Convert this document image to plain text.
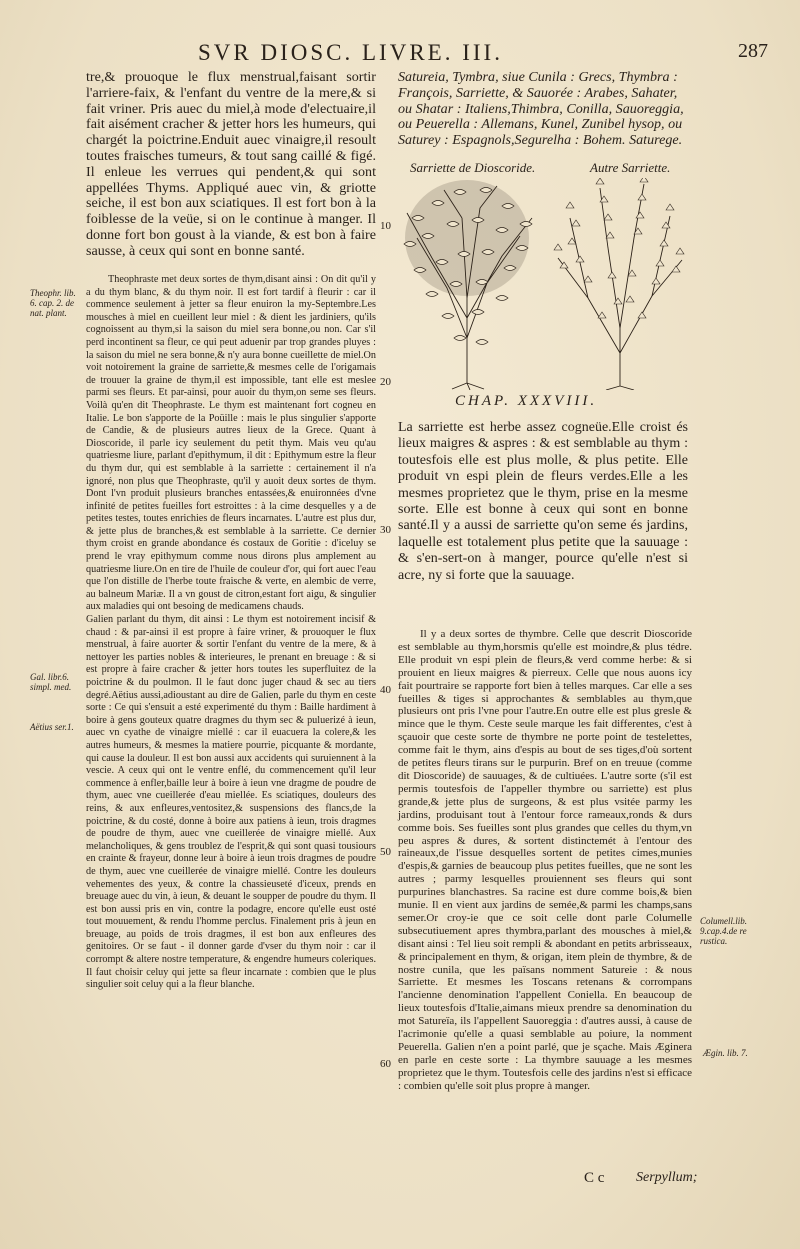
SVR DIOSC. LIVRE. III.	287

tre,& prouoque le flux menstrual,faisant sortir l'arriere-faix, & l'enfant du ventre de la mere,& si fait vriner. Pris auec du miel,à mode d'electuaire,il fait aisément cracher & jetter hors les humeurs, qui chargét la poictrine.Enduit auec vinaigre,il resoult toutes fraisches tumeurs, & tout sang caillé & figé. Il enleue les verrues qui pendent,& qui sont appellées Thyms. Appliqué auec vin, & griotte seiche, il est bon aux sciatiques. Il est fort bon à la foiblesse de la veüe, si on le continue à manger. Il donne fort bon goust à la viande, & est bon à faire sausse, à ceux qui sont en bonne santé.

Theophraste met deux sortes de thym,disant ainsi : On dit qu'il y a du thym blanc, & du thym noir. Il est fort tardif à fleurir : car il commence seulement à jetter sa fleur enuiron la my-Septembre.Les mousches à miel en cueillent leur miel : & dient les jardiniers, qu'ils cognoissent au thym,si la saison du miel sera bonne,ou non. Car s'il perd incontinent sa fleur, ce qui peut aduenir par trop grandes pluyes : la saison du miel ne sera bonne,& n'y aura bonne cueillette de miel.On voit notoirement la graine de sarriette,& mesmes celle de l'origamais de trouuer la graine de thym,il est impossible, tant elle est meslee parmi ses fleurs. Et par-ainsi, pour auoir du thym,on seme ses fleurs. Voilà qu'en dit Theophraste. Le thym est maintenant fort cogneu en Italie. Le bon s'apporte de la Poüille : mais le plus singulier s'apporte de Candie, & de plusieurs autres lieux de la Grece. Quant à Dioscoride, il parle icy seulement du petit thym. Mais veu qu'au quatriesme liure, parlant d'epithymum, il dit : Epithymum estre la fleur du thym dur, qui est semblable à la sarriette : certainement il n'a ignoré, non plus que Theophraste, qu'il y auoit deux sortes de thym. Dont l'vn produit plusieurs branches entassées,& enuironnées d'vne infinité de petites fueilles fort estroittes : à la cime desquelles y a de petites testes, toutes enrichies de fleurs incarnates. L'autre est plus dur, & jette plus de branches,& est semblable à la sarriette. Ce dernier thym croist en grande abondance és costaux de Goritie : d'iceluy se prend le vray epithymum comme nous dirons plus amplement au quatriesme liure.On en tire de l'huile de couleur d'or, qui fort auec l'eau que l'on distille de l'herbe toute fraische & verte, en alembic de verre, au balneum Mariæ. Il a vn goust de citron,estant fort aigu, & singulier aux maladies qui ont besoing de medicamens chauds.

Galien parlant du thym, dit ainsi : Le thym est notoirement incisif & chaud : & par-ainsi il est propre à faire vriner, & prouoquer le flux menstrual, à faire auorter & sortir l'enfant du ventre de la mere, & à nettoyer les parties nobles & interieures, le prenant en breuage : & si est propre à faire cracher & jetter hors toutes les superfluitez de la poictrine & du poulmon. Il le faut donc juger chaud & sec au tiers degré.Aëtius aussi,adioustant au dire de Galien, parle du thym en ceste sorte : Ce qui s'ensuit a esté experimenté du thym : Baille hardiment à boire à gens gouteux quatre dragmes du thym sec & puluerizé à ieun, auec vn cyathe de vinaigre miellé : car il euacuera la colere,& les autres humeurs, & mesmes la matiere pourrie, picquante & mordante, qui cause la douleur. Il est bon aussi aux accidents qui suruiennent à la vescie. A ceux qui ont le ventre enflé, du commencement qu'il leur commence à enfler,baille leur à boire à ieun vne dragme de poudre de thym, auec vne cueillerée d'eau miellée. Es sciatiques, douleurs des reins, & aux enfleures,ventositez,& suspensions des flancs,de la poictrine, & du costé, donne à boire aux patiens à ieun, trois dragmes de poudre de thym, auec vne cueillerée de vinaigre miellé. Aux melancholiques, & gens troublez de l'esprit,& qui sont quasi tousiours en crainte & frayeur, donne leur à boire à ieun trois dragmes de poudre de thym, auec vne cueillerée de vinaigre miellé. Contre les douleurs vehementes des yeux, & contre la chassieuseté d'iceux, prends en breuage auec du vin, à ieun, & deuant le soupper de poudre du thym. Il est bon aussi pris en vin, contre la podagre, encore qu'elle eust osté tout mouuement, & rendu l'homme perclus. Finalement pris à jeun en breuage, au poids de trois dragmes, il est bon aux enfleures des genitoires. Or se faut - il donner garde d'vser du thym noir : car il corrompt & altere nostre temperature, & engendre humeurs coleriques. Il faut choisir celuy qui jette sa fleur incarnate : combien que le plus singulier soit celuy qui a la fleur blanche.

Theophr. lib. 6. cap. 2. de nat. plant.
Gal. libr.6. simpl. med.
Aëtius ser.1.
Columell.lib. 9.cap.4.de re rustica.
Ægin. lib. 7.
10
20
30
40
50
60

Satureia, Tymbra, siue Cunila : Grecs, Thymbra : François, Sarriette, & Sauorée : Arabes, Sahater, ou Shatar : Italiens,Thimbra, Conilla, Sauoreggia, ou Peuerella : Allemans, Kunel, Zunibel hysop, ou Saturey : Espagnols,Segurelha : Bohem. Saturege.

Sarriette de Dioscoride.	Autre Sarriette.
CHAP. XXXVIII.

La sarriette est herbe assez cogneüe.Elle croist és lieux maigres & aspres : & est semblable au thym : toutesfois elle est plus molle, & plus petite. Elle produit vn espi plein de fleurs verdes.Elle a les mesmes proprietez que le thym, prise en la mesme sorte. Elle est bonne à ceux qui sont en bonne santé.Il y a aussi de sarriette qu'on seme és jardins, laquelle est totalement plus petite que la sauuage : & s'en-sert-on à manger, pource qu'elle n'est si acre, ny si forte que la sauuage.

Il y a deux sortes de thymbre. Celle que descrit Dioscoride est semblable au thym,horsmis qu'elle est moindre,& plus tédre. Elle produit vn espi plein de fleurs,& verd comme herbe: & si prouient en lieux maigres & pierreux. Celle que nous auons icy fait pourtraire se rapporte fort bien à telles marques. Car elle a ses fueilles & tiges si approchantes & semblables au thym,que plusieurs ont pris l'vne pour l'autre.En outre elle est plus gresle & mince que le thym. Ceste seule marque les fait differentes, c'est à sçauoir que ceste sorte de thymbre ne porte point de testelettes, comme fait le thym, ains d'espis au bout de ses tiges,d'où sortent de petites fleurs tirans sur le purpurin. Bref on en treuue (comme dit Dioscoride) de sauuages, & de cultiuées. L'autre sorte (s'il est permis toutesfois de l'appeller thymbre ou sarriette) est plus grande,& jette plus de surgeons, & est plus vsitée parmy les jardins, produisant tout à l'entour force rameaux,ronds & durs comme bois. Ses fueilles sont plus grandes que celles du thym,vn peu aspres & dures, & sortent distinctemét à l'entour des raineaux,de l'issue desquelles sortent de petites cimes,munies d'espis,& garnies de beaucoup plus petites fueilles, que ne sont les autres ; parmy lesquelles prouiennent ses fleurs qui sont purpurines blanchastres. Sa racine est dure comme bois,& bien munie. Il en vient aux jardins de semée,& parmi les champs,sans semer.Or croy-ie que ce soit celle dont parle Columelle subsecutiuement apres thymbra,parlant des mousches à miel,& disant ainsi : Tel lieu soit rempli & abondant en petits arbrisseaux, & principalement en thym, & origan, item plein de thymbre, & de nostre cunila, que les païsans nomment Satureie : & nous Sarriette. Et mesmes les Toscans retenans & corrompans l'ancienne denomination l'appellent Coniella. En beaucoup de lieux toutesfois d'Italie,aimans mieux prendre sa denomination du mot Satureïa, ils l'appellent Sauoreggia : d'autres aussi, à cause de l'acrimonie qu'elle a quasi semblable au poiure, la nomment Peuerella. Galien n'en a point parlé, que je sçache. Mais Æginera en parle en ceste sorte : La thymbre sauuage a les mesmes proprietez que le thym. Toutesfois celle des jardins n'est si efficace : combien qu'elle soit plus propre à manger.

C c Serpyllum;
